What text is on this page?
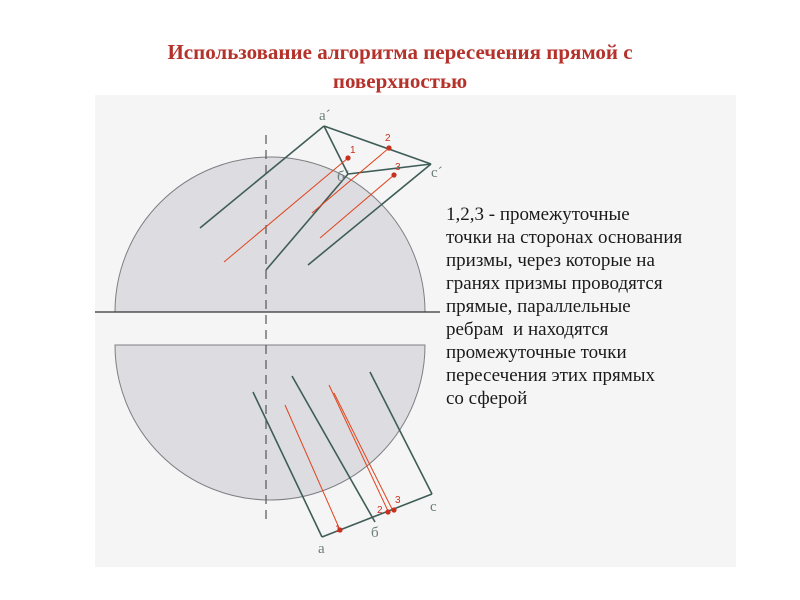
Использование алгоритма пересечения прямой с
поверхностью
a´
б´	c´
1
2
3
a
б
c
1
2
3
1,2,3 - промежуточные
точки на сторонах основания
призмы, через которые на
гранях призмы проводятся
прямые, параллельные
ребрам  и находятся
промежуточные точки
пересечения этих прямых
со сферой
